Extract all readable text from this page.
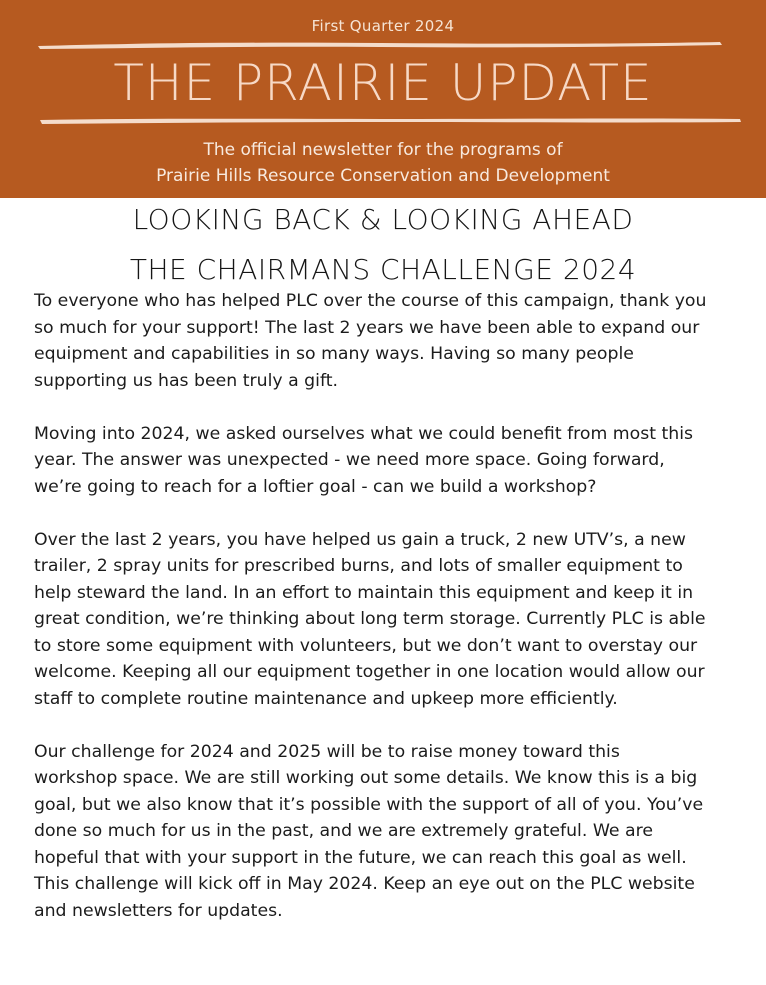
First Quarter 2024
THE PRAIRIE UPDATE
The official newsletter for the programs of
Prairie Hills Resource Conservation and Development
LOOKING BACK & LOOKING AHEAD
THE CHAIRMANS CHALLENGE 2024
To everyone who has helped PLC over the course of this campaign, thank you
so much for your support! The last 2 years we have been able to expand our
equipment and capabilities in so many ways. Having so many people
supporting us has been truly a gift.
Moving into 2024, we asked ourselves what we could benefit from most this
year. The answer was unexpected - we need more space. Going forward,
we’re going to reach for a loftier goal - can we build a workshop?
Over the last 2 years, you have helped us gain a truck, 2 new UTV’s, a new
trailer, 2 spray units for prescribed burns, and lots of smaller equipment to
help steward the land. In an effort to maintain this equipment and keep it in
great condition, we’re thinking about long term storage. Currently PLC is able
to store some equipment with volunteers, but we don’t want to overstay our
welcome. Keeping all our equipment together in one location would allow our
staff to complete routine maintenance and upkeep more efficiently.
Our challenge for 2024 and 2025 will be to raise money toward this
workshop space. We are still working out some details. We know this is a big
goal, but we also know that it’s possible with the support of all of you. You’ve
done so much for us in the past, and we are extremely grateful. We are
hopeful that with your support in the future, we can reach this goal as well.
This challenge will kick off in May 2024. Keep an eye out on the PLC website
and newsletters for updates.
